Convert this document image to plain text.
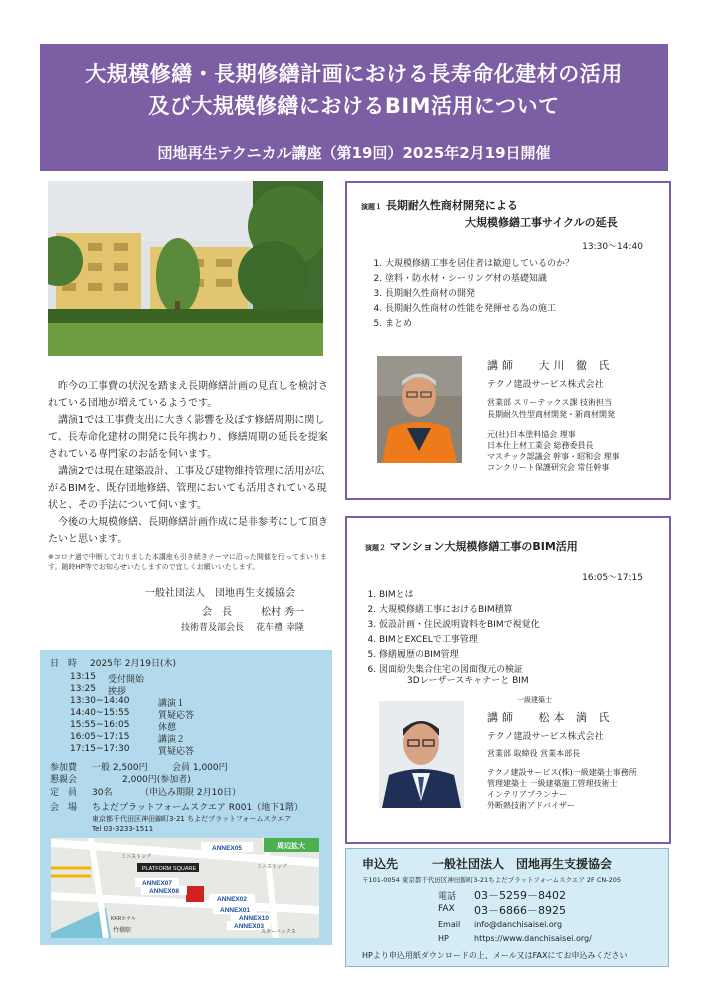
大規模修繕・長期修繕計画における長寿命化建材の活用
及び大規模修繕におけるBIM活用について
団地再生テクニカル講座（第19回）2025年2月19日開催

昨今の工事費の状況を踏まえ長期修繕計画の見直しを検討されている団地が増えているようです。

講演1では工事費支出に大きく影響を及ぼす修繕周期に関して、長寿命化建材の開発に長年携わり、修繕周期の延長を提案されている専門家のお話を伺います。

講演2では現在建築設計、工事及び建物維持管理に活用が広がるBIMを、既存団地修繕、管理においても活用されている現状と、その手法について伺います。

今後の大規模修繕、長期修繕計画作成に是非参考にして頂きたいと思います。

※コロナ過で中断しておりました本講座も引き続きテーマに沿った開催を行ってまいります。随時HP等でお知らせいたしますので宜しくお願いいたします。
一般社団法人　団地再生支援協会
会　長	松村 秀一
技術普及部会長 花车禮 幸隆
演題１ 長期耐久性商材開発による
大規模修繕工事サイクルの延長
13:30～14:40
1. 大規模修繕工事を居住者は歓迎しているのか？
2. 塗料・防水材・シーリング材の基礎知識
3. 長期耐久性商材の開発
4. 長期耐久性商材の性能を発揮せる為の施工
5. まとめ
講師 大川 徹 氏
テクノ建設サービス株式会社
営業部 スリーテックス課 技術担当
長期耐久性型商材開発・新商材開発
元(社)日本塗料協会 理事
日本仕上材工業会 総務委員長
マスチック認議会 幹事・昭和会 理事
コンクリート保護研究会 常任幹事
演題２ マンション大規模修繕工事のBIM活用
16:05～17:15
1. BIMとは
2. 大規模修繕工事におけるBIM積算
3. 仮設計画・住民説明資料をBIMで視覚化
4. BIMとEXCELで工事管理
5. 修繕履歴のBIM管理
6. 図面紛失集合住宅の図面復元の検証
3Dレーザースキャナーと BIM
一級建築士
講師 松本 満 氏
テクノ建設サービス株式会社
営業部 取締役 営業本部長
テクノ建設サービス(株)一級建築士事務所
管理建築士 一級建築施工管理技術士
インテリアプランナー
外断熱技術アドバイザー
日　時 2025年 2月19日(木)
13:15 受付開始
13:25 挨拶
13:30~14:40	講演１
14:40~15:55	質疑応答
15:55~16:05	休憩
16:05~17:15	講演２
17:15~17:30	質疑応答
参加費 一般 2,500円	会員 1,000円
懇親会	2,000円(参加者)
定　員 30名	（申込み期限 2月10日）
会　場 ちよだプラットフォームスクエア R001（地下1階）
東京都千代田区神田錦町3-21 ちよだプラットフォームスクエア
Tel 03-3233-1511
周辺拡大
PLATFORM SQUARE
ANNEX05
ANNEX07
ANNEX08
ANNEX02
ANNEX01
ANNEX10
ANNEX03
ミニストップ
ミニストップ
スターバックス
KKRホテル
竹橋駅
申込先	一般社団法人　団地再生支援協会
〒101-0054 東京都千代田区神田錦町3-21ちよだプラットフォームスクエア 2F CN-205
電話 03－5259－8402
FAX 03－6866－8925
Email info@danchisaisei.org
HP	https://www.danchisaisei.org/
HPより申込用紙ダウンロードの上、メール又はFAXにてお申込みください
